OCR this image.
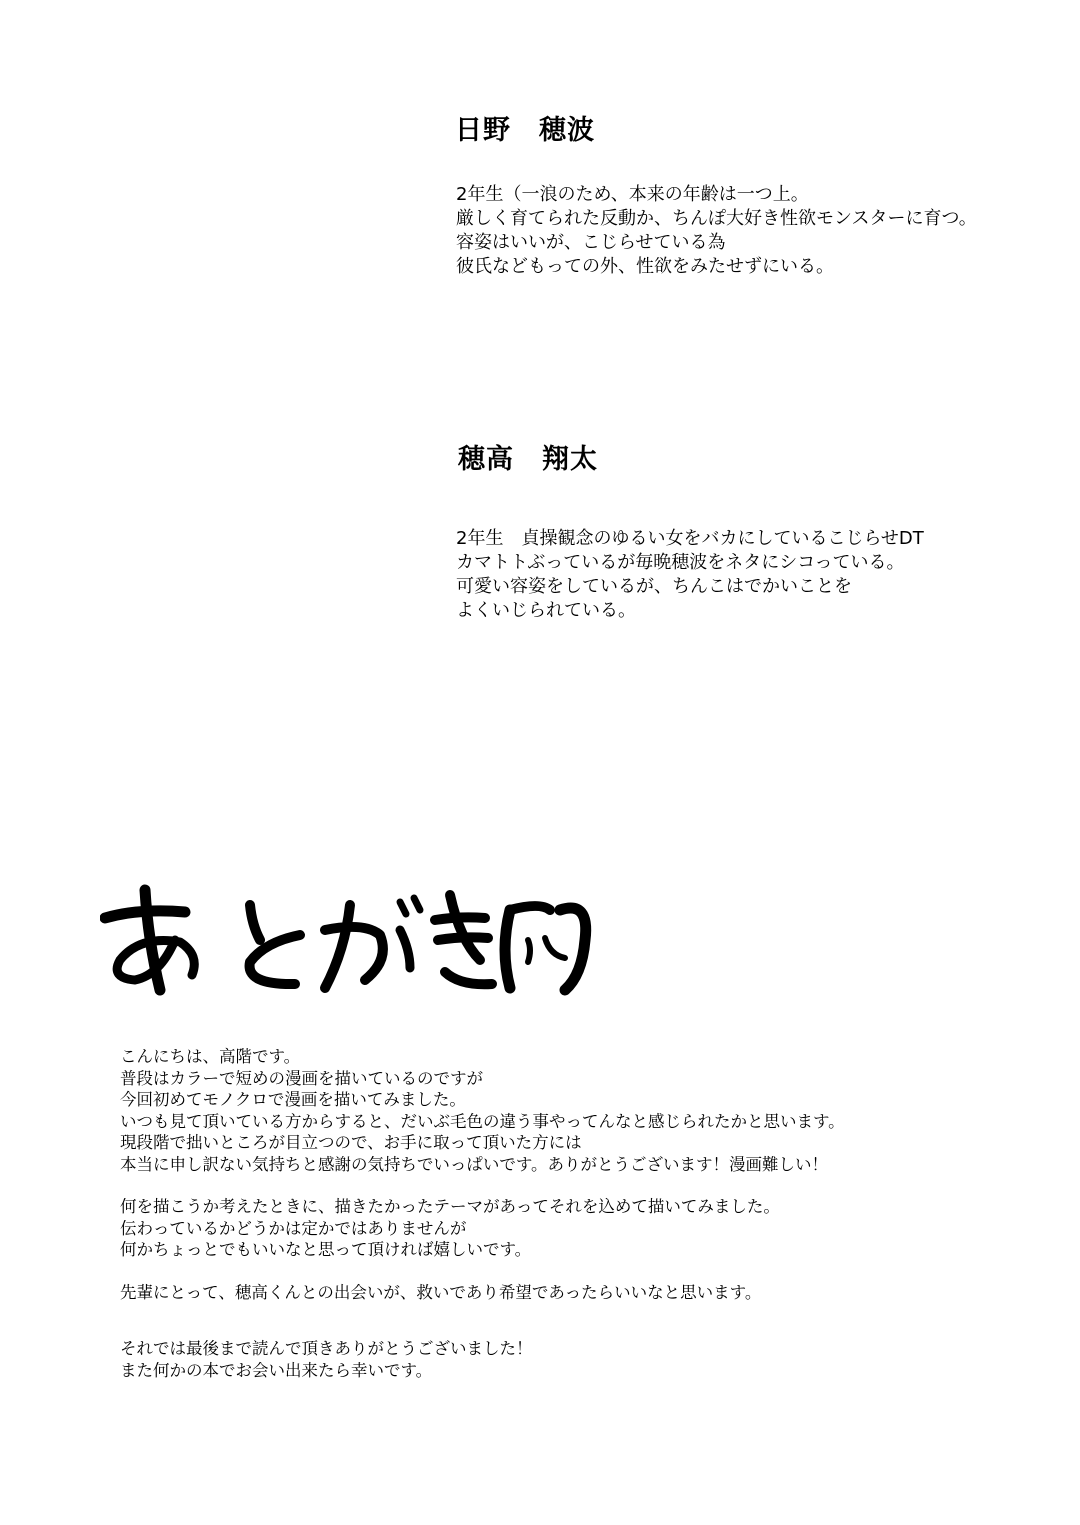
日野　穂波
2年生（一浪のため、本来の年齢は一つ上。
厳しく育てられた反動か、ちんぽ大好き性欲モンスターに育つ。
容姿はいいが、こじらせている為
彼氏などもっての外、性欲をみたせずにいる。
穂高　翔太
2年生　貞操観念のゆるい女をバカにしているこじらせDT
カマトトぶっているが毎晩穂波をネタにシコっている。
可愛い容姿をしているが、ちんこはでかいことを
よくいじられている。
こんにちは、高階です。
普段はカラーで短めの漫画を描いているのですが
今回初めてモノクロで漫画を描いてみました。
いつも見て頂いている方からすると、だいぶ毛色の違う事やってんなと感じられたかと思います。
現段階で拙いところが目立つので、お手に取って頂いた方には
本当に申し訳ない気持ちと感謝の気持ちでいっぱいです。ありがとうございます！漫画難しい！
何を描こうか考えたときに、描きたかったテーマがあってそれを込めて描いてみました。
伝わっているかどうかは定かではありませんが
何かちょっとでもいいなと思って頂ければ嬉しいです。
先輩にとって、穂高くんとの出会いが、救いであり希望であったらいいなと思います。
それでは最後まで読んで頂きありがとうございました！
また何かの本でお会い出来たら幸いです。
